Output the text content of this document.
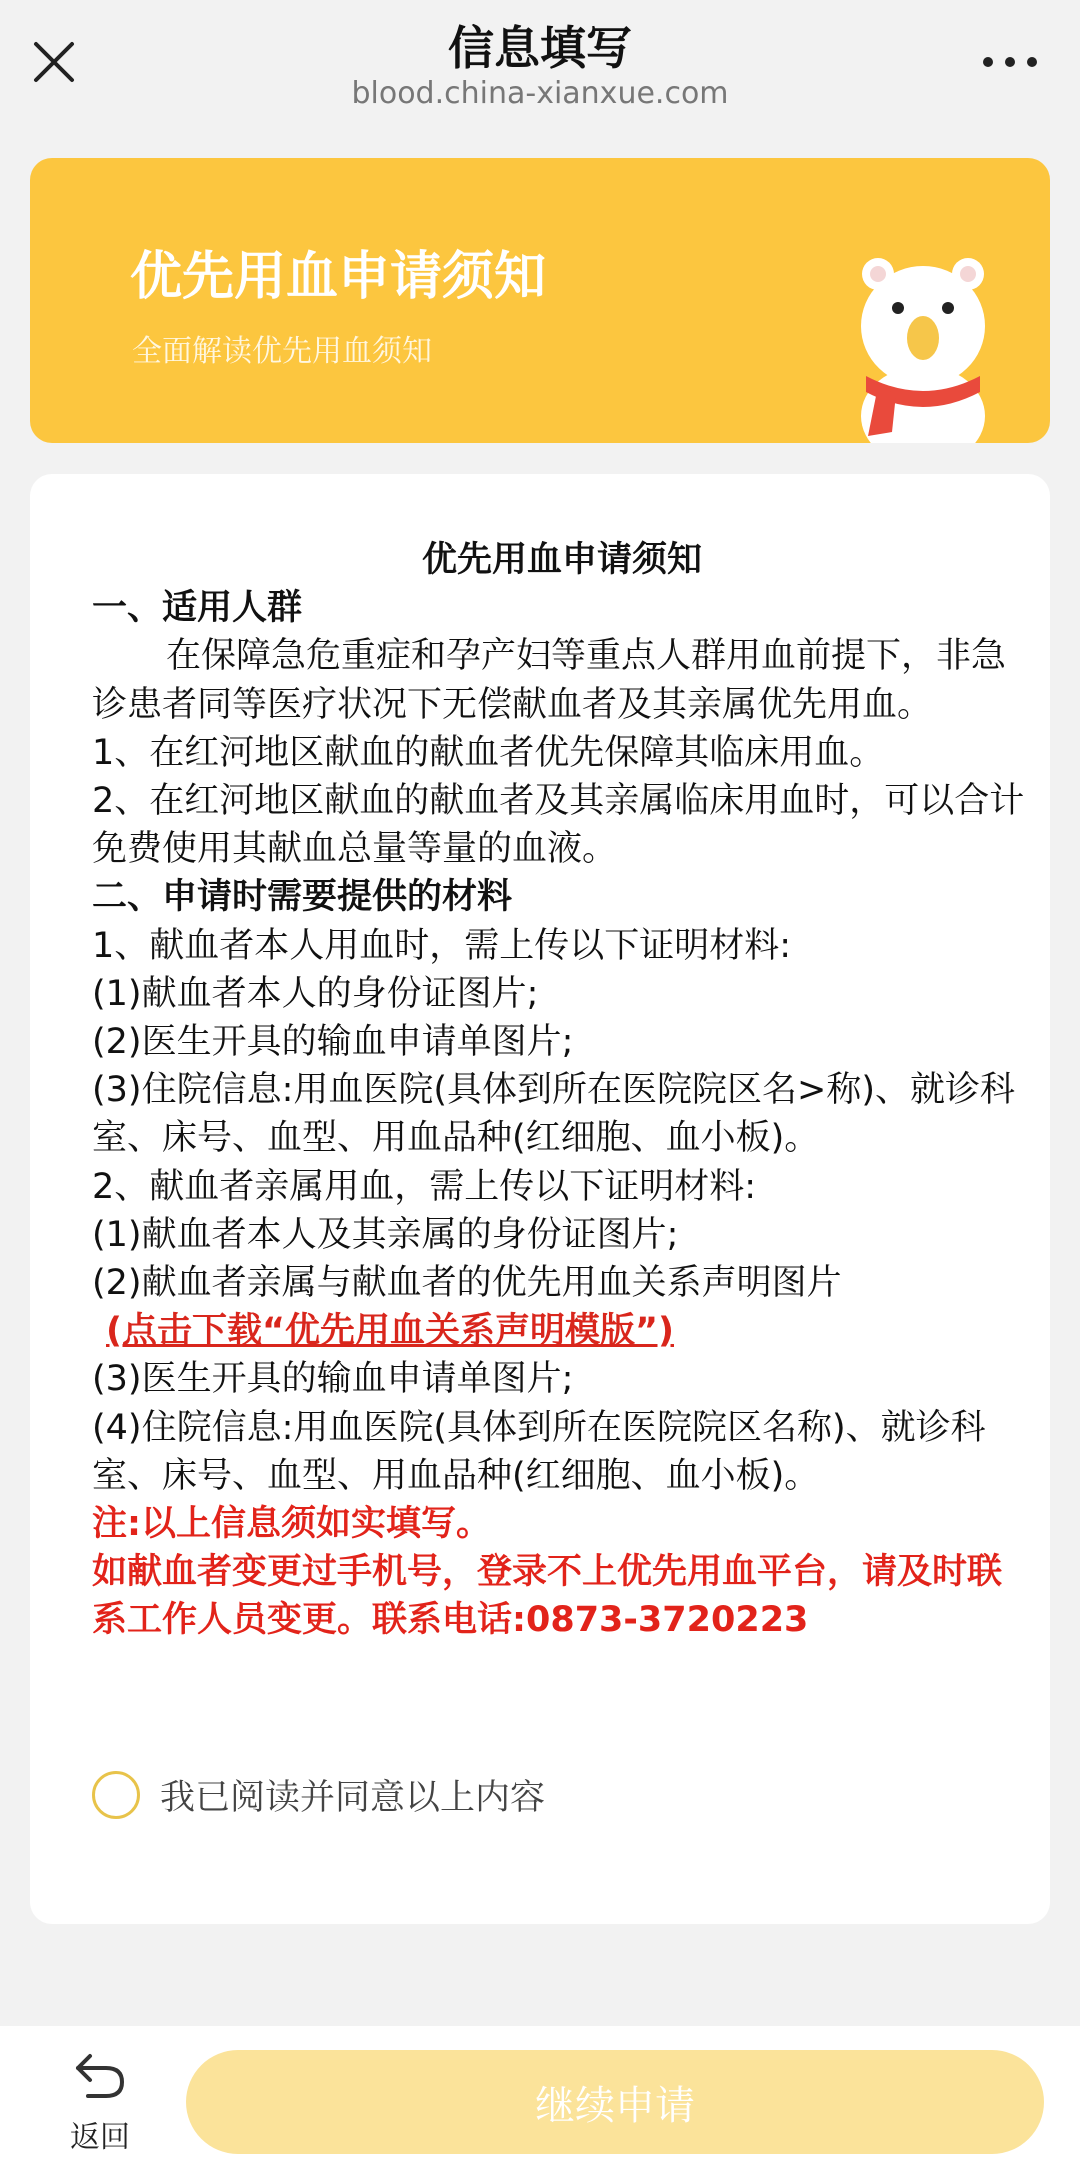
信息填写
blood.china-xianxue.com
优先用血申请须知
全面解读优先用血须知

优先用血申请须知

一、适用人群

在保障急危重症和孕产妇等重点人群用血前提下，非急诊患者同等医疗状况下无偿献血者及其亲属优先用血。

1、在红河地区献血的献血者优先保障其临床用血。

2、在红河地区献血的献血者及其亲属临床用血时，可以合计免费使用其献血总量等量的血液。

二、申请时需要提供的材料

1、献血者本人用血时，需上传以下证明材料:

(1)献血者本人的身份证图片;

(2)医生开具的输血申请单图片;

(3)住院信息:用血医院(具体到所在医院院区名>称)、就诊科室、床号、血型、用血品种(红细胞、血小板)。

2、献血者亲属用血，需上传以下证明材料:

(1)献血者本人及其亲属的身份证图片;

(2)献血者亲属与献血者的优先用血关系声明图片

(点击下载“优先用血关系声明模版”)

(3)医生开具的输血申请单图片;

(4)住院信息:用血医院(具体到所在医院院区名称)、就诊科室、床号、血型、用血品种(红细胞、血小板)。

注:以上信息须如实填写。

如献血者变更过手机号，登录不上优先用血平台，请及时联系工作人员变更。联系电话:0873-3720223

我已阅读并同意以上内容
返回
继续申请
